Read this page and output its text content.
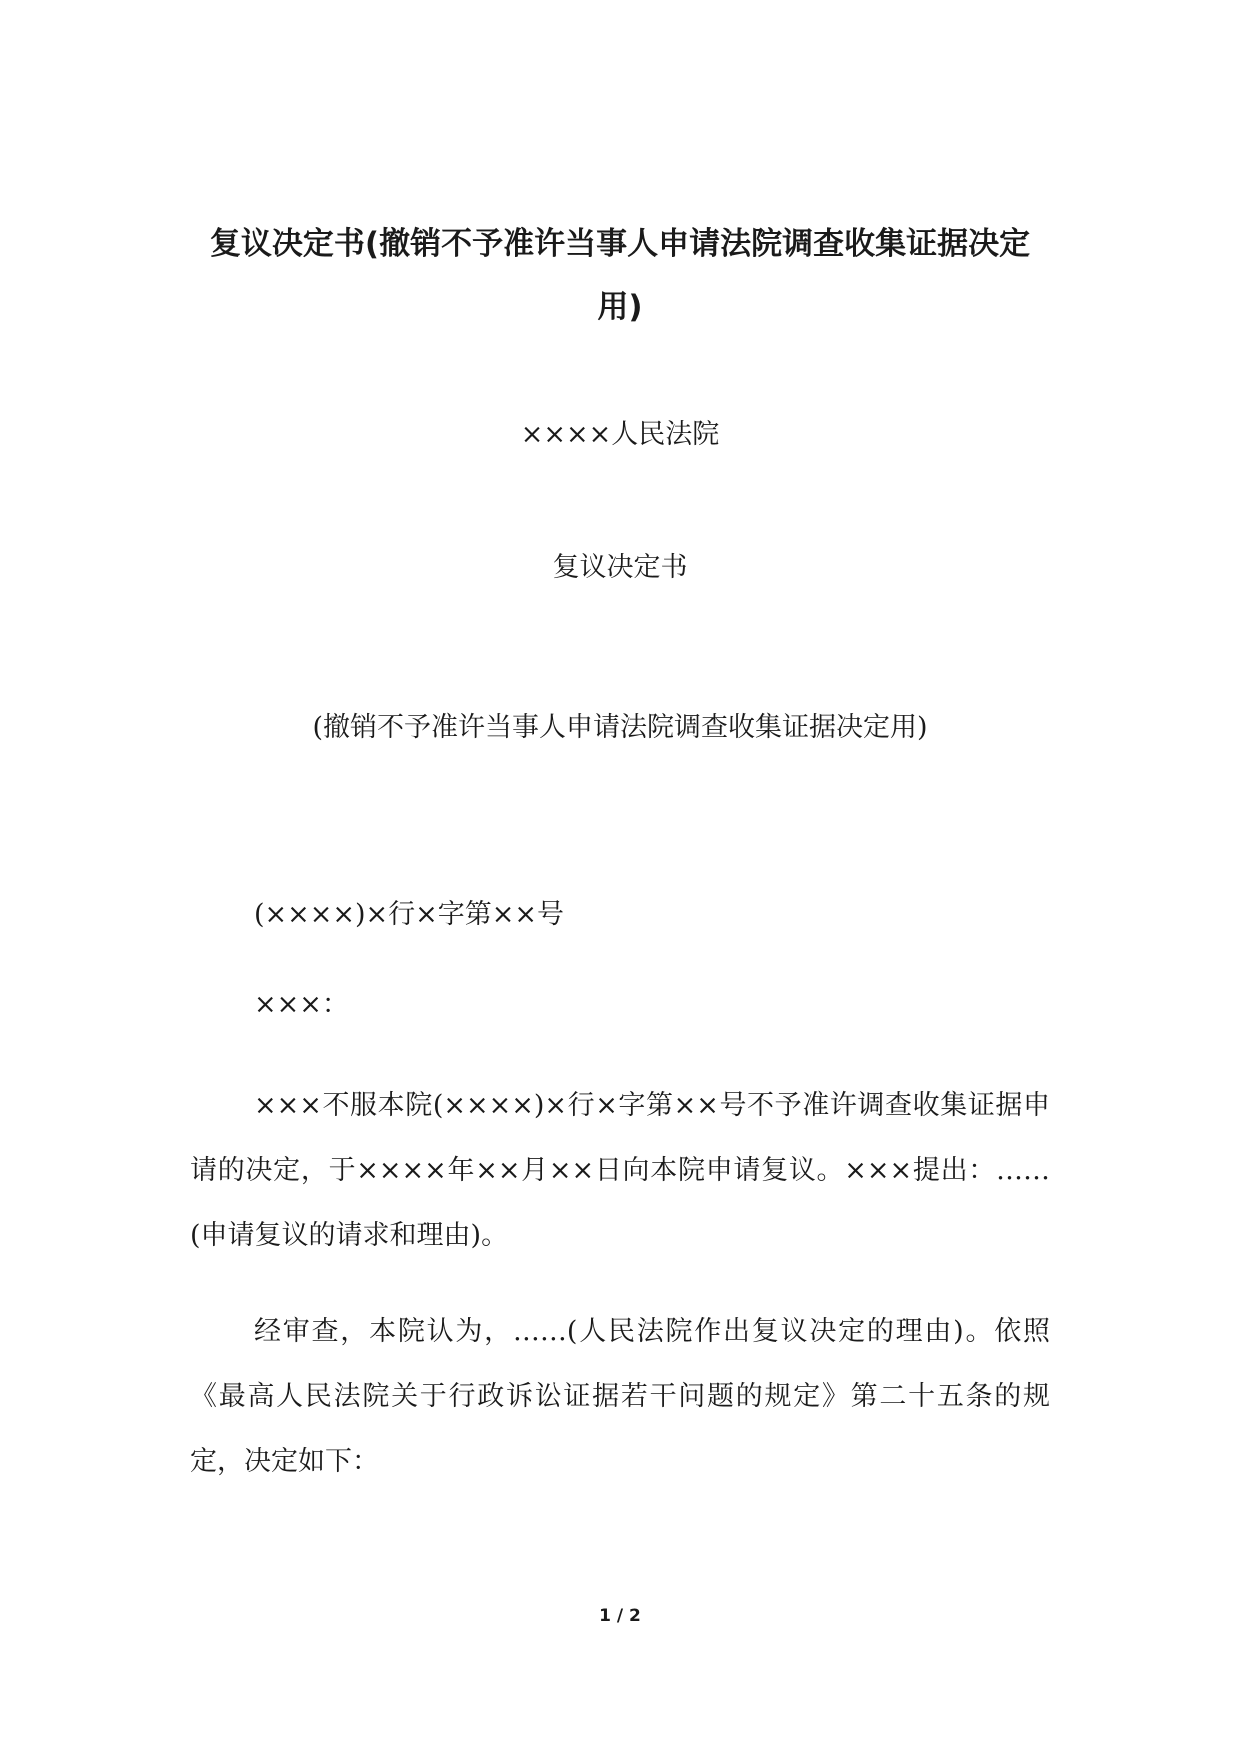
复议决定书(撤销不予准许当事人申请法院调查收集证据决定用)

××××人民法院

复议决定书

(撤销不予准许当事人申请法院调查收集证据决定用)

(××××)×行×字第××号

×××：

×××不服本院(××××)×行×字第××号不予准许调查收集证据申请的决定，于××××年××月××日向本院申请复议。×××提出：……(申请复议的请求和理由)。

经审查，本院认为，……(人民法院作出复议决定的理由)。依照《最高人民法院关于行政诉讼证据若干问题的规定》第二十五条的规定，决定如下：

1 / 2
